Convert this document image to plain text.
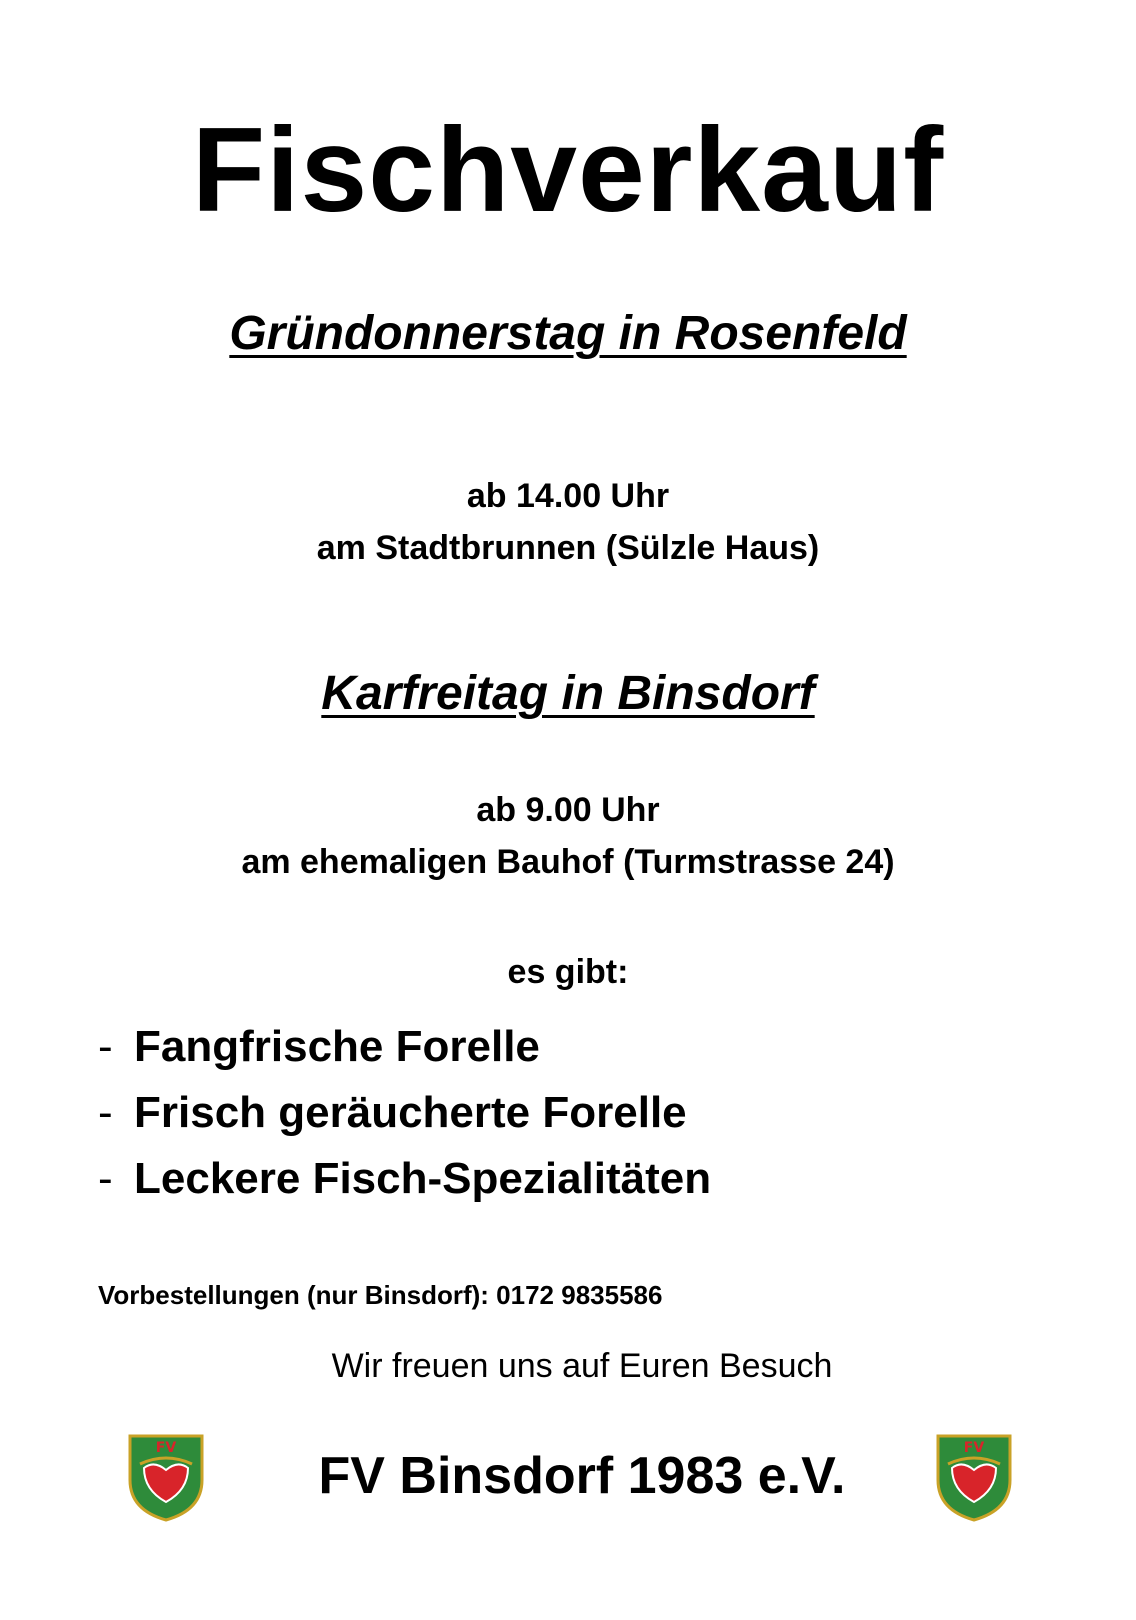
Fischverkauf
Gründonnerstag in Rosenfeld
ab 14.00 Uhr
am Stadtbrunnen (Sülzle Haus)
Karfreitag in Binsdorf
ab 9.00 Uhr
am ehemaligen Bauhof (Turmstrasse 24)
es gibt:
- Fangfrische Forelle
- Frisch geräucherte Forelle
- Leckere Fisch-Spezialitäten
Vorbestellungen (nur Binsdorf): 0172 9835586
Wir freuen uns auf Euren Besuch
FV	FV Binsdorf 1983 e.V.	FV
